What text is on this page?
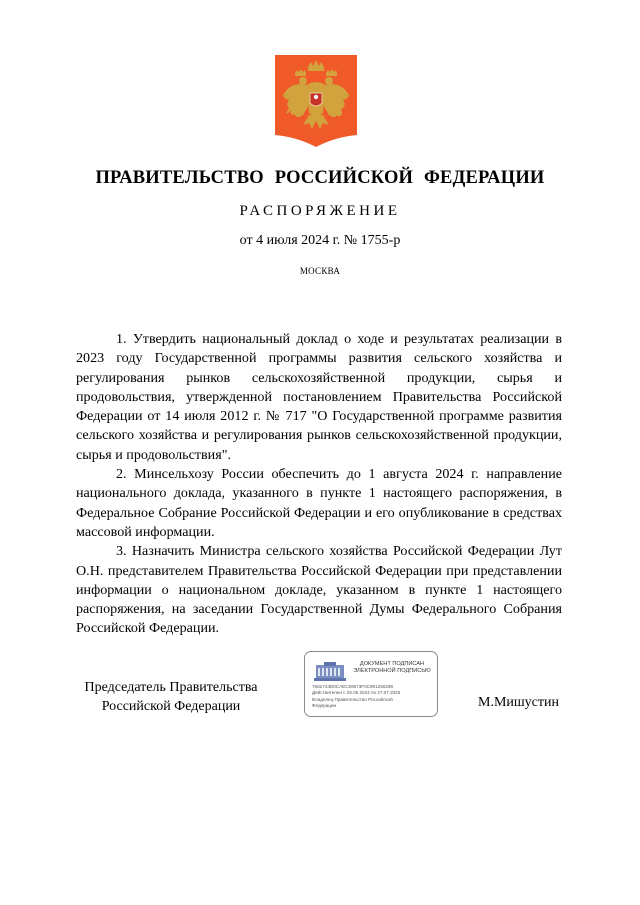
ПРАВИТЕЛЬСТВО РОССИЙСКОЙ ФЕДЕРАЦИИ
РАСПОРЯЖЕНИЕ
от 4 июля 2024 г. № 1755-р
МОСКВА

1. Утвердить национальный доклад о ходе и результатах реализации в 2023 году Государственной программы развития сельского хозяйства и регулирования рынков сельскохозяйственной продукции, сырья и продовольствия, утвержденной постановлением Правительства Российской Федерации от 14 июля 2012 г. № 717 "О Государственной программе развития сельского хозяйства и регулирования рынков сельскохозяйственной продукции, сырья и продовольствия".

2. Минсельхозу России обеспечить до 1 августа 2024 г. направление национального доклада, указанного в пункте 1 настоящего распоряжения, в Федеральное Собрание Российской Федерации и его опубликование в средствах массовой информации.

3. Назначить Министра сельского хозяйства Российской Федерации Лут О.Н. представителем Правительства Российской Федерации при представлении информации о национальном докладе, указанном в пункте 1 настоящего распоряжения, на заседании Государственной Думы Федерального Собрания Российской Федерации.

Председатель Правительства
Российской Федерации
ДОКУМЕНТ ПОДПИСАН
ЭЛЕКТРОННОЙ ПОДПИСЬЮ
7682744D0CAEC59673F0C891250298
Действителен с 03.05.2024 по 27.07.2025
Владелец Правительство Российской
Федерации	М.Мишустин
